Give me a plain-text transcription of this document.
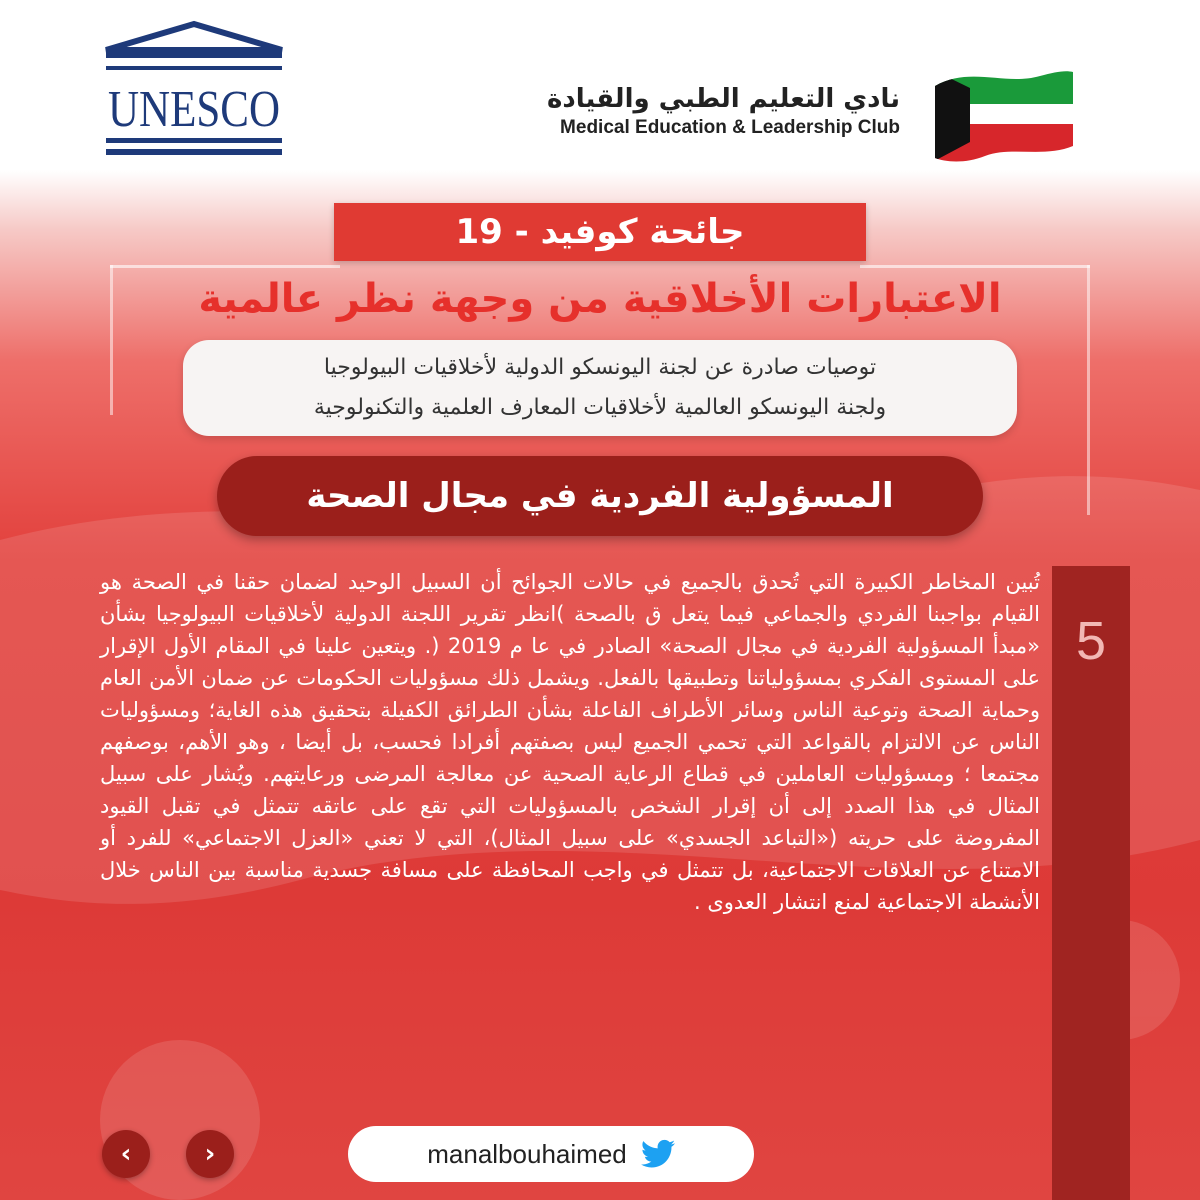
UNESCO	نادي التعليم الطبي والقيادة
Medical Education & Leadership Club
جائحة كوفيد - 19
الاعتبارات الأخلاقية من وجهة نظر عالمية
توصيات صادرة عن لجنة اليونسكو الدولية لأخلاقيات البيولوجيا
ولجنة اليونسكو العالمية لأخلاقيات المعارف العلمية والتكنولوجية
المسؤولية الفردية في مجال الصحة
5
تُبين المخاطر الكبيرة التي تُحدق بالجميع في حالات الجوائح أن السبيل الوحيد لضمان حقنا في الصحة هو القيام بواجبنا الفردي والجماعي فيما يتعل ق بالصحة )انظر تقرير اللجنة الدولية لأخلاقيات البيولوجيا بشأن «مبدأ المسؤولية الفردية في مجال الصحة» الصادر في عا م 2019 (. ويتعين علينا في المقام الأول الإقرار على المستوى الفكري بمسؤولياتنا وتطبيقها بالفعل. ويشمل ذلك مسؤوليات الحكومات عن ضمان الأمن العام وحماية الصحة وتوعية الناس وسائر الأطراف الفاعلة بشأن الطرائق الكفيلة بتحقيق هذه الغاية؛ ومسؤوليات الناس عن الالتزام بالقواعد التي تحمي الجميع ليس بصفتهم أفرادا فحسب، بل أيضا ، وهو الأهم، بوصفهم مجتمعا ؛ ومسؤوليات العاملين في قطاع الرعاية الصحية عن معالجة المرضى ورعايتهم. ويُشار على سبيل المثال في هذا الصدد إلى أن إقرار الشخص بالمسؤوليات التي تقع على عاتقه تتمثل في تقبل القيود المفروضة على حريته («التباعد الجسدي» على سبيل المثال)، التي لا تعني «العزل الاجتماعي» للفرد أو الامتناع عن العلاقات الاجتماعية، بل تتمثل في واجب المحافظة على مسافة جسدية مناسبة بين الناس خلال الأنشطة الاجتماعية لمنع انتشار العدوى .
‹	›	manalbouhaimed
